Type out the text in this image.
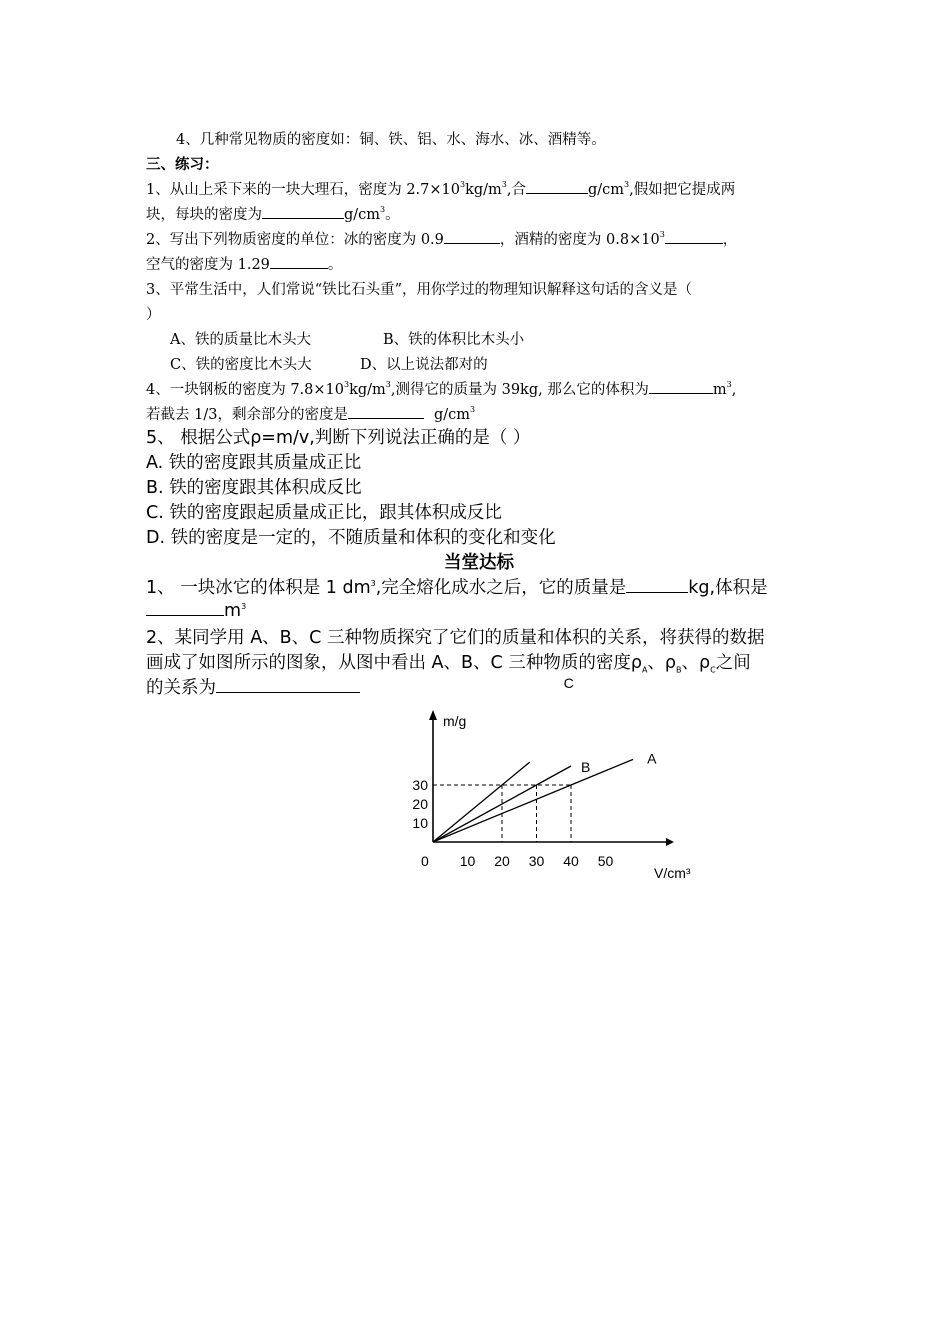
4、几种常见物质的密度如：铜、铁、铝、水、海水、冰、酒精等。
三、练习：
1、从山上采下来的一块大理石，密度为 $2.7\times 10^3kg/m^3$,合	$g/cm^3$,假如把它提成两
块，每块的密度为	$g/cm^3$。
2、写出下列物质密度的单位：冰的密度为 0.9	，酒精的密度为 $0.8\times 10^3$	，
空气的密度为 1.29	。
3、平常生活中，人们常说“铁比石头重”，用你学过的物理知识解释这句话的含义是（
）
A、铁的质量比木头大	B、铁的体积比木头小
C、铁的密度比木头大	D、以上说法都对的
4、一块钢板的密度为 $7.8\times 10^3kg/m^3$,测得它的质量为 39kg, 那么它的体积为	$m^3$,
若截去 1/3，剩余部分的密度是	$g/cm^3$
5、 根据公式ρ=m/v,判断下列说法正确的是（ ）
A. 铁的密度跟其质量成正比
B. 铁的密度跟其体积成反比
C. 铁的密度跟起质量成正比，跟其体积成反比
D. 铁的密度是一定的，不随质量和体积的变化和变化
当堂达标
1、 一块冰它的体积是 1 $dm^3$,完全熔化成水之后，它的质量是	kg,体积是
$m^3$
2、某同学用 A、B、C 三种物质探究了它们的质量和体积的关系，将获得的数据
画成了如图所示的图象，从图中看出 A、B、C 三种物质的密度$\rho_A$、$\rho_B$、$\rho_C$之间
的关系为
A
B
C
0 10 20 30 40 50
10
20
30
m/g
V/cm³
